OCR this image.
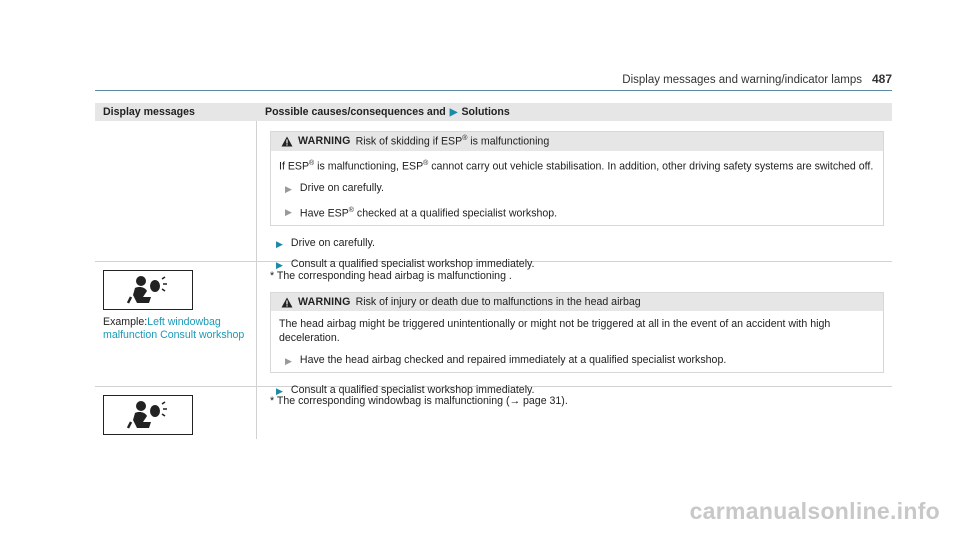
Display messages and warning/indicator lamps 487
Display messages	Possible causes/consequences and ▶ Solutions
WARNING Risk of skidding if ESP® is malfunctioning
If ESP® is malfunctioning, ESP® cannot carry out vehicle stabilisation. In addition, other driving safety systems are switched off.
▶ Drive on carefully.
▶ Have ESP® checked at a qualified specialist workshop.
▶ Drive on carefully.
▶ Consult a qualified specialist workshop immediately.
Example:Left windowbag malfunction Consult workshop
* The corresponding head airbag is malfunctioning .
WARNING Risk of injury or death due to malfunctions in the head airbag
The head airbag might be triggered unintentionally or might not be triggered at all in the event of an accident with high deceleration.
▶ Have the head airbag checked and repaired immediately at a qualified specialist workshop.
▶ Consult a qualified specialist workshop immediately.
* The corresponding windowbag is malfunctioning (→ page 31).
carmanualsonline.info
